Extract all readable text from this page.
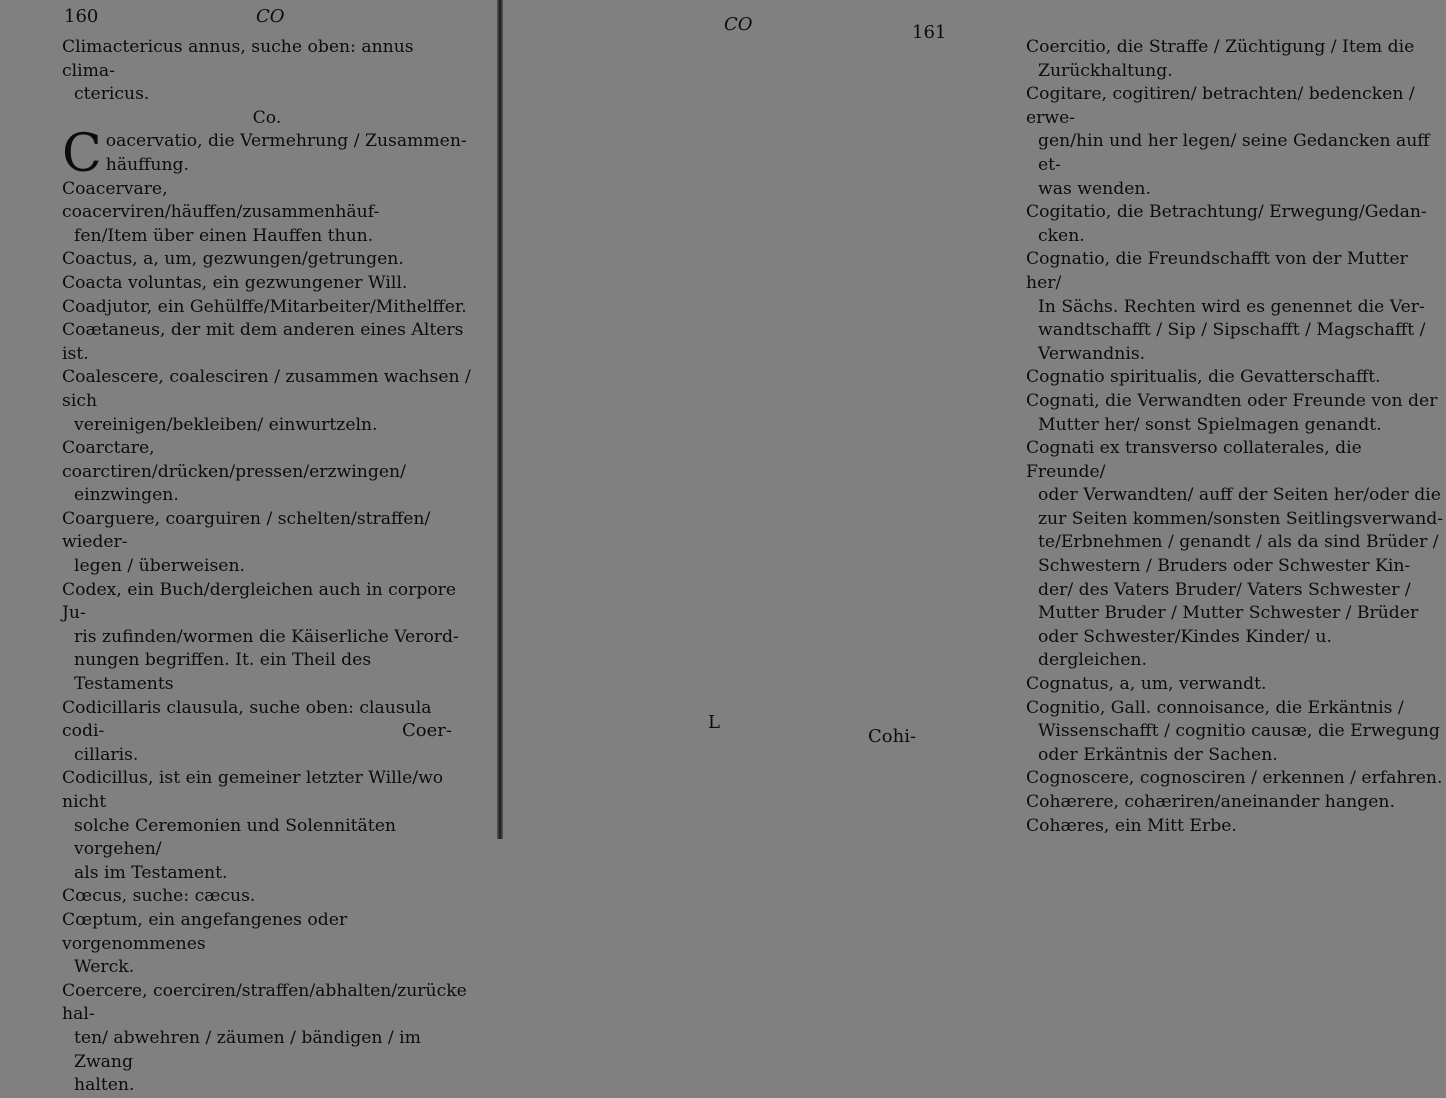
160	CO
Climactericus annus, suche oben: annus clima-
ctericus.
Co.
Coacervatio, die Vermehrung / Zusammen-
häuffung.
Coacervare, coacerviren/häuffen/zusammenhäuf-
fen/Item über einen Hauffen thun.
Coactus, a, um, gezwungen/getrungen.
Coacta voluntas, ein gezwungener Will.
Coadjutor, ein Gehülffe/Mitarbeiter/Mithelffer.
Coætaneus, der mit dem anderen eines Alters ist.
Coalescere, coalesciren / zusammen wachsen / sich
vereinigen/bekleiben/ einwurtzeln.
Coarctare, coarctiren/drücken/pressen/erzwingen/
einzwingen.
Coarguere, coarguiren / schelten/straffen/ wieder-
legen / überweisen.
Codex, ein Buch/dergleichen auch in corpore Ju-
ris zufinden/wormen die Käiserliche Verord-
nungen begriffen. It. ein Theil des Testaments
Codicillaris clausula, suche oben: clausula codi-
cillaris.
Codicillus, ist ein gemeiner letzter Wille/wo nicht
solche Ceremonien und Solennitäten vorgehen/
als im Testament.
Cœcus, suche: cæcus.
Cœptum, ein angefangenes oder vorgenommenes
Werck.
Coercere, coerciren/straffen/abhalten/zurücke hal-
ten/ abwehren / zäumen / bändigen / im Zwang
halten.
Coer-
CO	161
Coercitio, die Straffe / Züchtigung / Item die
Zurückhaltung.
Cogitare, cogitiren/ betrachten/ bedencken / erwe-
gen/hin und her legen/ seine Gedancken auff et-
was wenden.
Cogitatio, die Betrachtung/ Erwegung/Gedan-
cken.
Cognatio, die Freundschafft von der Mutter her/
In Sächs. Rechten wird es genennet die Ver-
wandtschafft / Sip / Sipschafft / Magschafft /
Verwandnis.
Cognatio spiritualis, die Gevatterschafft.
Cognati, die Verwandten oder Freunde von der
Mutter her/ sonst Spielmagen genandt.
Cognati ex transverso collaterales, die Freunde/
oder Verwandten/ auff der Seiten her/oder die
zur Seiten kommen/sonsten Seitlingsverwand-
te/Erbnehmen / genandt / als da sind Brüder /
Schwestern / Bruders oder Schwester Kin-
der/ des Vaters Bruder/ Vaters Schwester /
Mutter Bruder / Mutter Schwester / Brüder
oder Schwester/Kindes Kinder/ u. dergleichen.
Cognatus, a, um, verwandt.
Cognitio, Gall. connoisance, die Erkäntnis /
Wissenschafft / cognitio causæ, die Erwegung
oder Erkäntnis der Sachen.
Cognoscere, cognosciren / erkennen / erfahren.
Cohærere, cohæriren/aneinander hangen.
Cohæres, ein Mitt Erbe.
L
Cohi-
